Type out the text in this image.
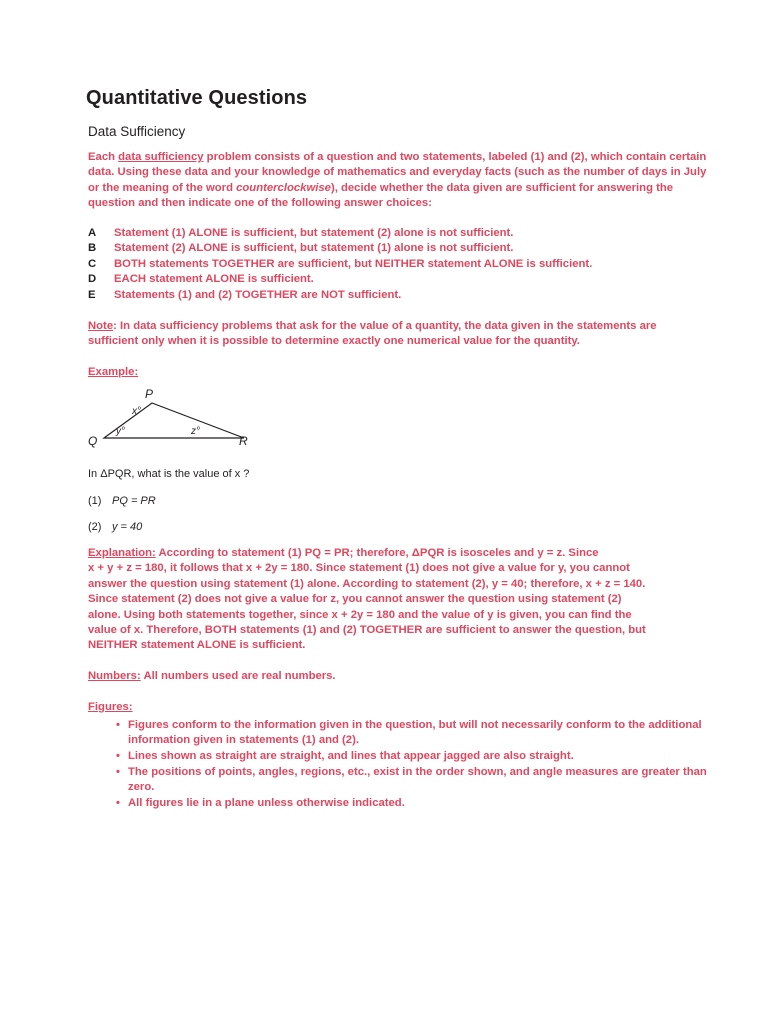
Quantitative Questions
Data Sufficiency
Each data sufficiency problem consists of a question and two statements, labeled (1) and (2), which contain certain data. Using these data and your knowledge of mathematics and everyday facts (such as the number of days in July or the meaning of the word counterclockwise), decide whether the data given are sufficient for answering the question and then indicate one of the following answer choices:
A Statement (1) ALONE is sufficient, but statement (2) alone is not sufficient.
B Statement (2) ALONE is sufficient, but statement (1) alone is not sufficient.
C BOTH statements TOGETHER are sufficient, but NEITHER statement ALONE is sufficient.
D EACH statement ALONE is sufficient.
E Statements (1) and (2) TOGETHER are NOT sufficient.
Note: In data sufficiency problems that ask for the value of a quantity, the data given in the statements are sufficient only when it is possible to determine exactly one numerical value for the quantity.
Example:
P
Q	R
x°
y°	z°
In ΔPQR, what is the value of x ?
(1) PQ = PR
(2) y = 40
Explanation: According to statement (1) PQ = PR; therefore, ΔPQR is isosceles and y = z. Since
x + y + z = 180, it follows that x + 2y = 180. Since statement (1) does not give a value for y, you cannot
answer the question using statement (1) alone. According to statement (2), y = 40; therefore, x + z = 140.
Since statement (2) does not give a value for z, you cannot answer the question using statement (2)
alone. Using both statements together, since x + 2y = 180 and the value of y is given, you can find the
value of x. Therefore, BOTH statements (1) and (2) TOGETHER are sufficient to answer the question, but
NEITHER statement ALONE is sufficient.
Numbers: All numbers used are real numbers.
Figures:
• Figures conform to the information given in the question, but will not necessarily conform to the additional information given in statements (1) and (2).
• Lines shown as straight are straight, and lines that appear jagged are also straight.
• The positions of points, angles, regions, etc., exist in the order shown, and angle measures are greater than zero.
• All figures lie in a plane unless otherwise indicated.
